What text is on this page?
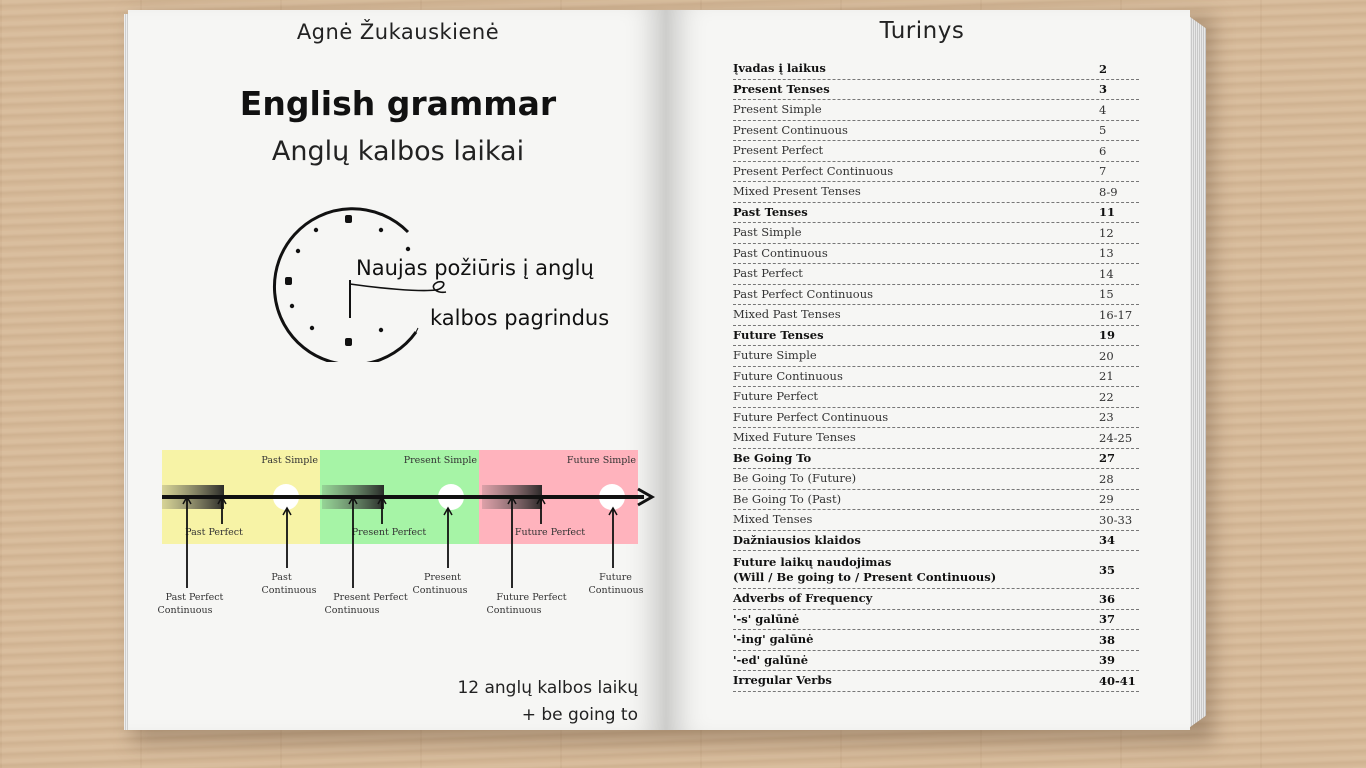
Agnė Žukauskienė
English grammar
Anglų kalbos laikai
Naujas požiūris į anglų
kalbos pagrindus
Past Simple	Present Simple	Future Simple
Past Perfect	Present Perfect	Future Perfect
Past Perfect Continuous
Past Continuous
Present Perfect Continuous
Present Continuous
Future Perfect Continuous
Future Continuous
12 anglų kalbos laikų
+ be going to
Turinys
Įvadas į laikus	2
Present Tenses	3
Present Simple	4
Present Continuous	5
Present Perfect	6
Present Perfect Continuous	7
Mixed Present Tenses	8-9
Past Tenses	11
Past Simple	12
Past Continuous	13
Past Perfect	14
Past Perfect Continuous	15
Mixed Past Tenses	16-17
Future Tenses	19
Future Simple	20
Future Continuous	21
Future Perfect	22
Future Perfect Continuous	23
Mixed Future Tenses	24-25
Be Going To	27
Be Going To (Future)	28
Be Going To (Past)	29
Mixed Tenses	30-33
Dažniausios klaidos	34
Future laikų naudojimas
(Will / Be going to / Present Continuous)	35
Adverbs of Frequency	36
'-s' galūnė	37
'-ing' galūnė	38
'-ed' galūnė	39
Irregular Verbs	40-41
